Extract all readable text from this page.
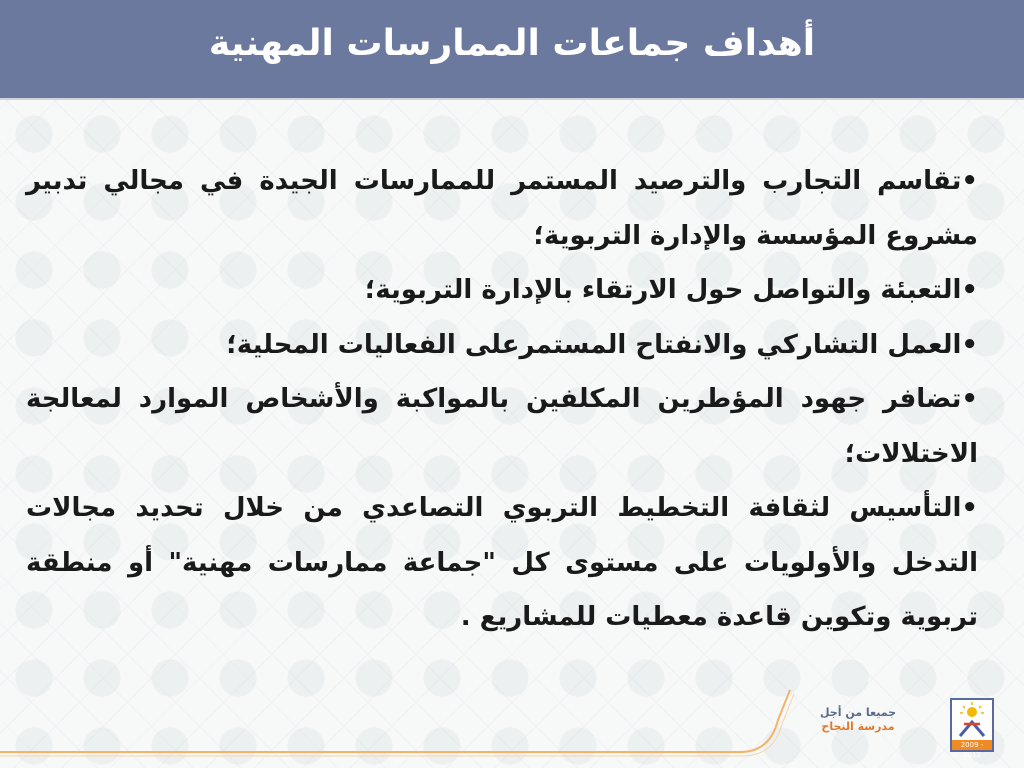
أهداف جماعات الممارسات المهنية

•تقاسم التجارب والترصيد المستمر للممارسات الجيدة في مجالي تدبير مشروع المؤسسة والإدارة التربوية؛

•التعبئة والتواصل حول الارتقاء بالإدارة التربوية؛

•العمل التشاركي والانفتاح المستمرعلى الفعاليات المحلية؛

•تضافر جهود المؤطرين المكلفين بالمواكبة والأشخاص الموارد لمعالجة الاختلالات؛

•التأسيس لثقافة التخطيط التربوي التصاعدي من خلال تحديد مجالات التدخل والأولويات على مستوى كل "جماعة ممارسات مهنية" أو منطقة تربوية وتكوين قاعدة معطيات للمشاريع .

جميعا من أجل
مدرسة النجاح
2009 - 2012
